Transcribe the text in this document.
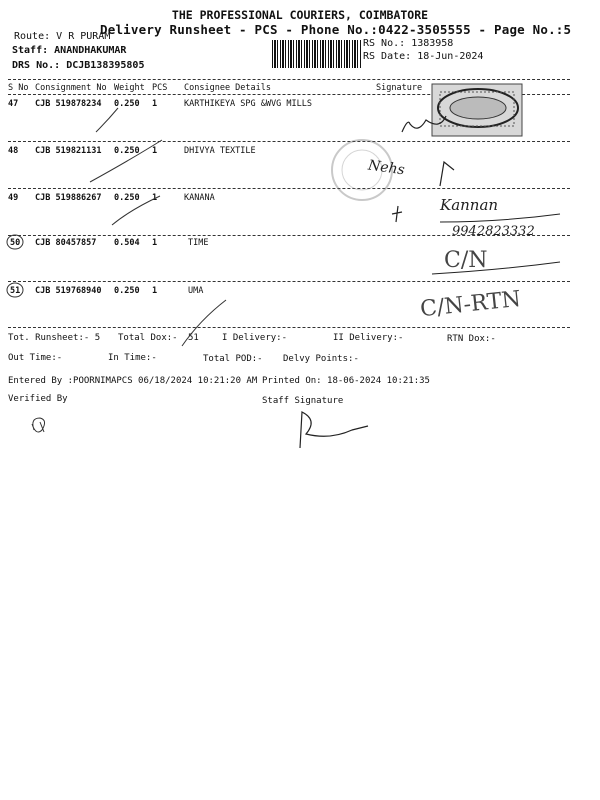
THE PROFESSIONAL COURIERS, COIMBATORE
Delivery Runsheet - PCS - Phone No.:0422-3505555 - Page No.:5
Route: V R PURAM
Staff: ANANDHAKUMAR
DRS No.: DCJB138395805
RS No.: 1383958
RS Date: 18-Jun-2024
S No Consignment No Weight PCS Consignee Details	Signature
47 CJB 519878234 0.250 1	KARTHIKEYA SPG &WVG MILLS
48 CJB 519821131 0.250 1	DHIVYA TEXTILE
49 CJB 519886267 0.250 1	KANANA
50 CJB 80457857 0.504 1	TIME
51 CJB 519768940 0.250 1	UMA
Tot. Runsheet:- 5 Total Dox:- 51	I Delivery:-	II Delivery:-	RTN Dox:-
Out Time:-	In Time:-	Total POD:- Delvy Points:-
Entered By :POORNIMAPCS 06/18/2024 10:21:20 AM Printed On: 18-06-2024 10:21:35
Verified By	Staff Signature
Nehs
Kannan
9942823332
C/N
C/N-RTN
